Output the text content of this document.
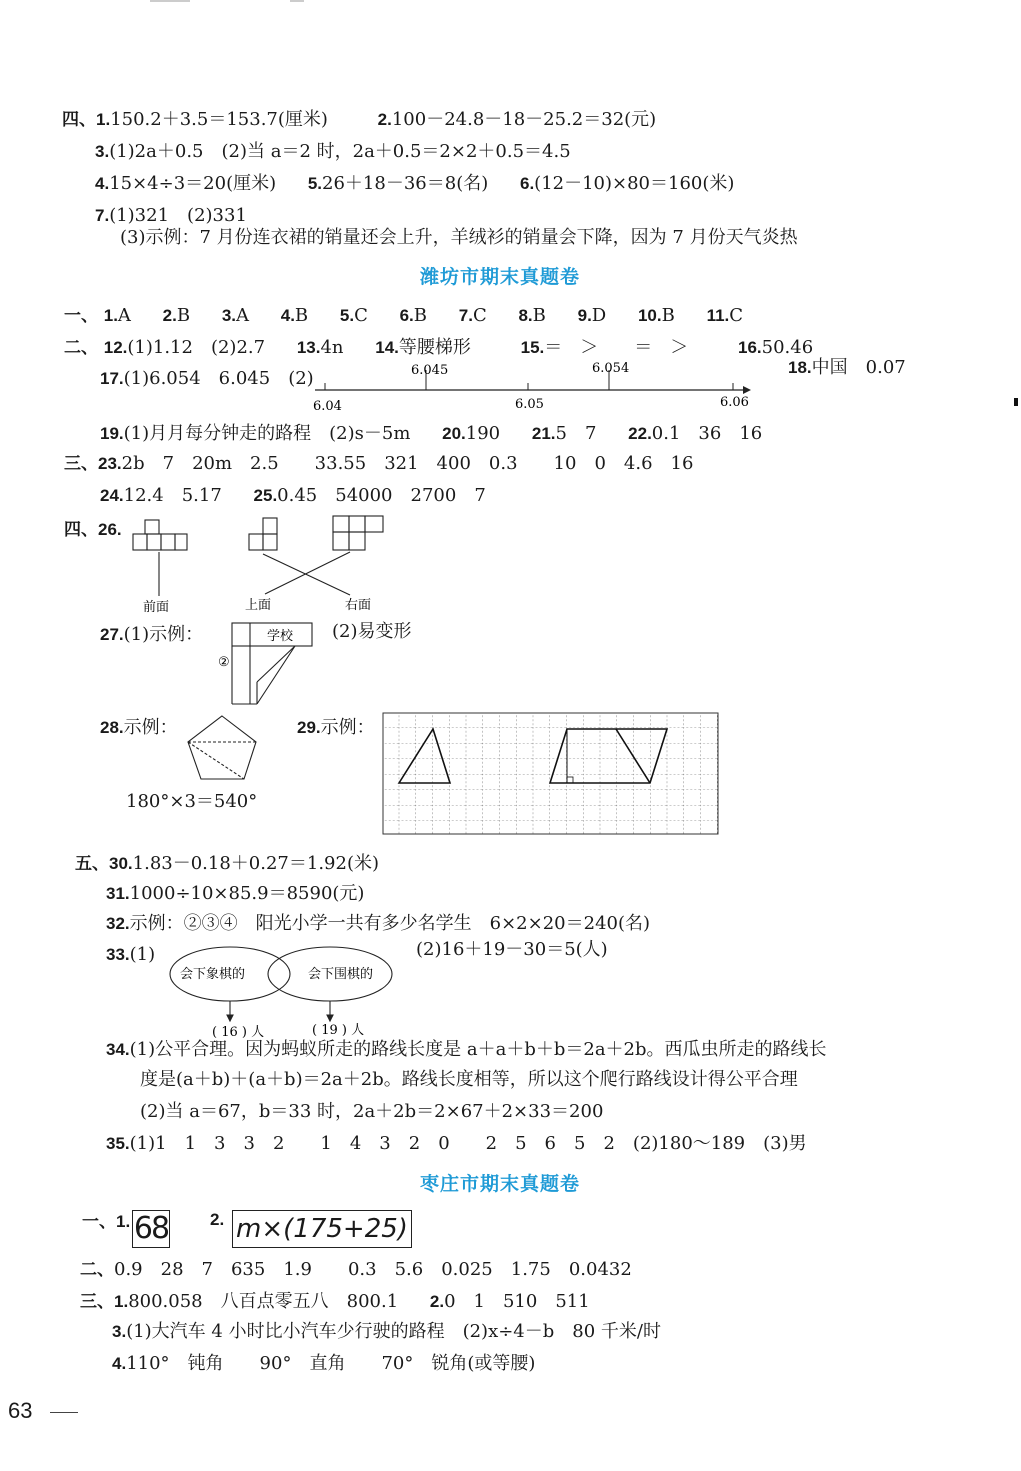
四、1.150.2＋3.5＝153.7(厘米)	2.100－24.8－18－25.2＝32(元)
3.(1)2a＋0.5　(2)当 a＝2 时，2a＋0.5＝2×2＋0.5＝4.5
4.15×4÷3＝20(厘米) 5.26＋18－36＝8(名) 6.(12－10)×80＝160(米)
7.(1)321　(2)331
(3)示例：7 月份连衣裙的销量还会上升，羊绒衫的销量会下降，因为 7 月份天气炎热
潍坊市期末真题卷
一、 1.A 2.B 3.A 4.B 5.C 6.B 7.C 8.B 9.D 10.B 11.C
二、 12.(1)1.12　(2)2.7 13.4n 14.等腰梯形	15.＝　＞　　＝　＞	16.50.46
17.(1)6.054　6.045　(2)	6.045	6.054
6.04	6.05	6.06
18.中国　0.07
19.(1)月月每分钟走的路程　(2)s－5m 20.190 21.5　7 22.0.1　36　16
三、23.2b　7　20m　2.5　　33.55　321　400　0.3　　10　0　4.6　16
24.12.4　5.17 25.0.45　54000　2700　7
四、26.
前面	上面	右面
27.(1)示例：	学校
②
(2)易变形
28.示例：
180°×3＝540°
29.示例：
五、30.1.83－0.18＋0.27＝1.92(米)
31.1000÷10×85.9＝8590(元)
32.示例：②③④　阳光小学一共有多少名学生　6×2×20＝240(名)
33.(1)	(2)16＋19－30＝5(人)
会下象棋的	会下围棋的
( 16 ) 人	( 19 ) 人
34.(1)公平合理。因为蚂蚁所走的路线长度是 a＋a＋b＋b＝2a＋2b。西瓜虫所走的路线长
度是(a＋b)＋(a＋b)＝2a＋2b。路线长度相等，所以这个爬行路线设计得公平合理
(2)当 a＝67，b＝33 时，2a＋2b＝2×67＋2×33＝200
35.(1)1　1　3　3　2　　1　4　3　2　0　　2　5　6　5　2　(2)180～189　(3)男
枣庄市期末真题卷
一、1. 68 2. m×(175+25)
二、0.9　28　7　635　1.9　　0.3　5.6　0.025　1.75　0.0432
三、1.800.058　八百点零五八　800.1 2.0　1　510　511
3.(1)大汽车 4 小时比小汽车少行驶的路程　(2)x÷4－b　80 千米/时
4.110°　钝角　　90°　直角　　70°　锐角(或等腰)
63
